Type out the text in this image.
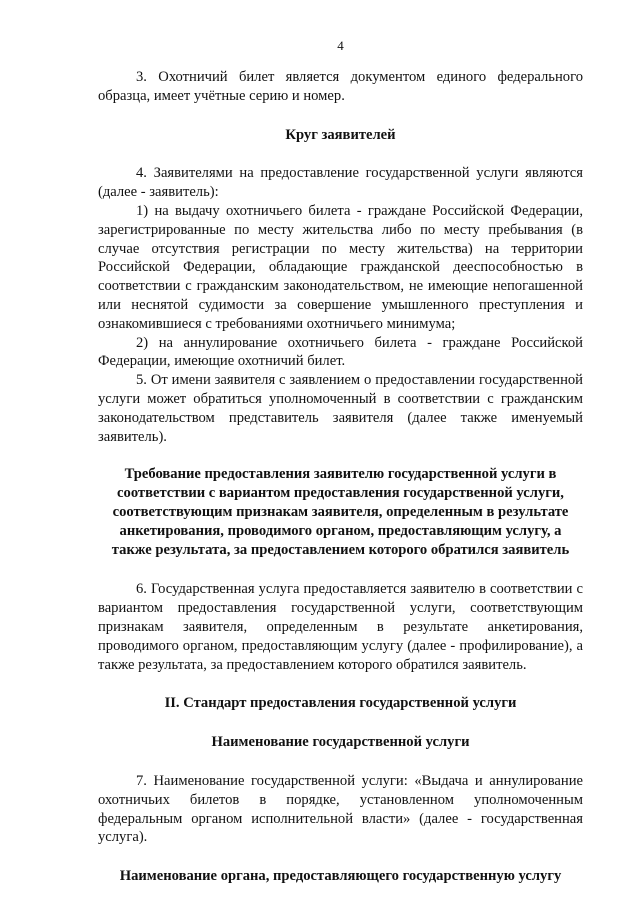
4

3. Охотничий билет является документом единого федерального образца, имеет учётные серию и номер.

Круг заявителей

4. Заявителями на предоставление государственной услуги являются (далее - заявитель):

1) на выдачу охотничьего билета - граждане Российской Федерации, зарегистрированные по месту жительства либо по месту пребывания (в случае отсутствия регистрации по месту жительства) на территории Российской Федерации, обладающие гражданской дееспособностью в соответствии с гражданским законодательством, не имеющие непогашенной или неснятой судимости за совершение умышленного преступления и ознакомившиеся с требованиями охотничьего минимума;

2) на аннулирование охотничьего билета - граждане Российской Федерации, имеющие охотничий билет.

5. От имени заявителя с заявлением о предоставлении государственной услуги может обратиться уполномоченный в соответствии с гражданским законодательством представитель заявителя (далее также именуемый заявитель).

Требование предоставления заявителю государственной услуги в соответствии с вариантом предоставления государственной услуги, соответствующим признакам заявителя, определенным в результате анкетирования, проводимого органом, предоставляющим услугу, а также результата, за предоставлением которого обратился заявитель

6. Государственная услуга предоставляется заявителю в соответствии с вариантом предоставления государственной услуги, соответствующим признакам заявителя, определенным в результате анкетирования, проводимого органом, предоставляющим услугу (далее - профилирование), а также результата, за предоставлением которого обратился заявитель.

II. Стандарт предоставления государственной услуги

Наименование государственной услуги

7. Наименование государственной услуги: «Выдача и аннулирование охотничьих билетов в порядке, установленном уполномоченным федеральным органом исполнительной власти» (далее - государственная услуга).

Наименование органа, предоставляющего государственную услугу
